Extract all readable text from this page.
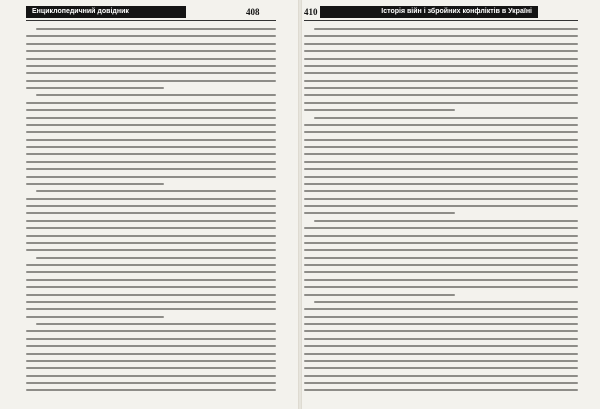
Енциклопедичний довідник	408	410	Історія війн і збройних конфліктів в Україні
